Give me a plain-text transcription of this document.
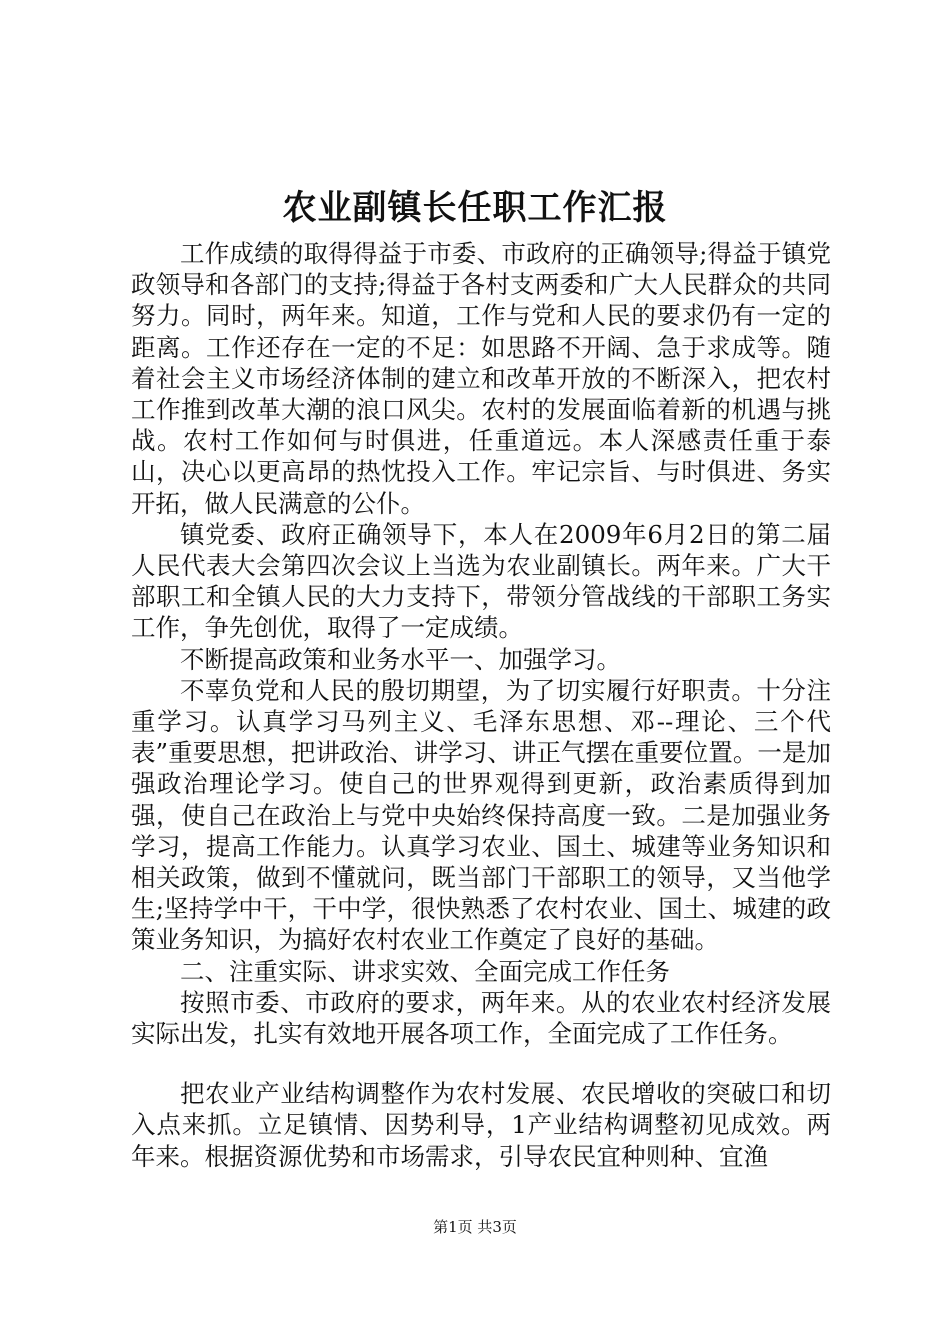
农业副镇长任职工作汇报

工作成绩的取得得益于市委、市政府的正确领导;得益于镇党政领导和各部门的支持;得益于各村支两委和广大人民群众的共同努力。同时，两年来。知道，工作与党和人民的要求仍有一定的距离。工作还存在一定的不足：如思路不开阔、急于求成等。随着社会主义市场经济体制的建立和改革开放的不断深入，把农村工作推到改革大潮的浪口风尖。农村的发展面临着新的机遇与挑战。农村工作如何与时俱进，任重道远。本人深感责任重于泰山，决心以更高昂的热忱投入工作。牢记宗旨、与时俱进、务实开拓，做人民满意的公仆。

镇党委、政府正确领导下，本人在2009年6月2日的第二届人民代表大会第四次会议上当选为农业副镇长。两年来。广大干部职工和全镇人民的大力支持下，带领分管战线的干部职工务实工作，争先创优，取得了一定成绩。

不断提高政策和业务水平一、加强学习。

不辜负党和人民的殷切期望，为了切实履行好职责。十分注重学习。认真学习马列主义、毛泽东思想、邓--理论、三个代表”重要思想，把讲政治、讲学习、讲正气摆在重要位置。一是加强政治理论学习。使自己的世界观得到更新，政治素质得到加强，使自己在政治上与党中央始终保持高度一致。二是加强业务学习，提高工作能力。认真学习农业、国土、城建等业务知识和相关政策，做到不懂就问，既当部门干部职工的领导，又当他学生;坚持学中干，干中学，很快熟悉了农村农业、国土、城建的政策业务知识，为搞好农村农业工作奠定了良好的基础。

二、注重实际、讲求实效、全面完成工作任务

按照市委、市政府的要求，两年来。从的农业农村经济发展实际出发，扎实有效地开展各项工作，全面完成了工作任务。

把农业产业结构调整作为农村发展、农民增收的突破口和切入点来抓。立足镇情、因势利导，1产业结构调整初见成效。两年来。根据资源优势和市场需求，引导农民宜种则种、宜渔

第1页 共3页
